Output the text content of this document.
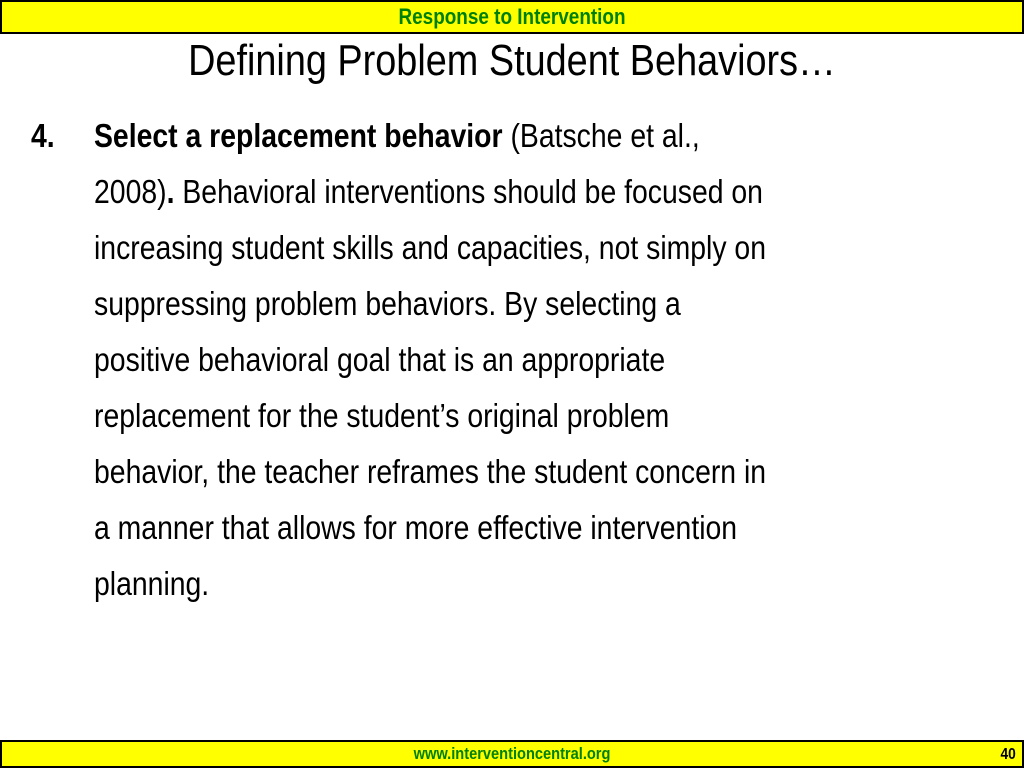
Response to Intervention
Defining Problem Student Behaviors…
4. Select a replacement behavior (Batsche et al.,
2008). Behavioral interventions should be focused on
increasing student skills and capacities, not simply on
suppressing problem behaviors. By selecting a
positive behavioral goal that is an appropriate
replacement for the student’s original problem
behavior, the teacher reframes the student concern in
a manner that allows for more effective intervention
planning.
www.interventioncentral.org	40
